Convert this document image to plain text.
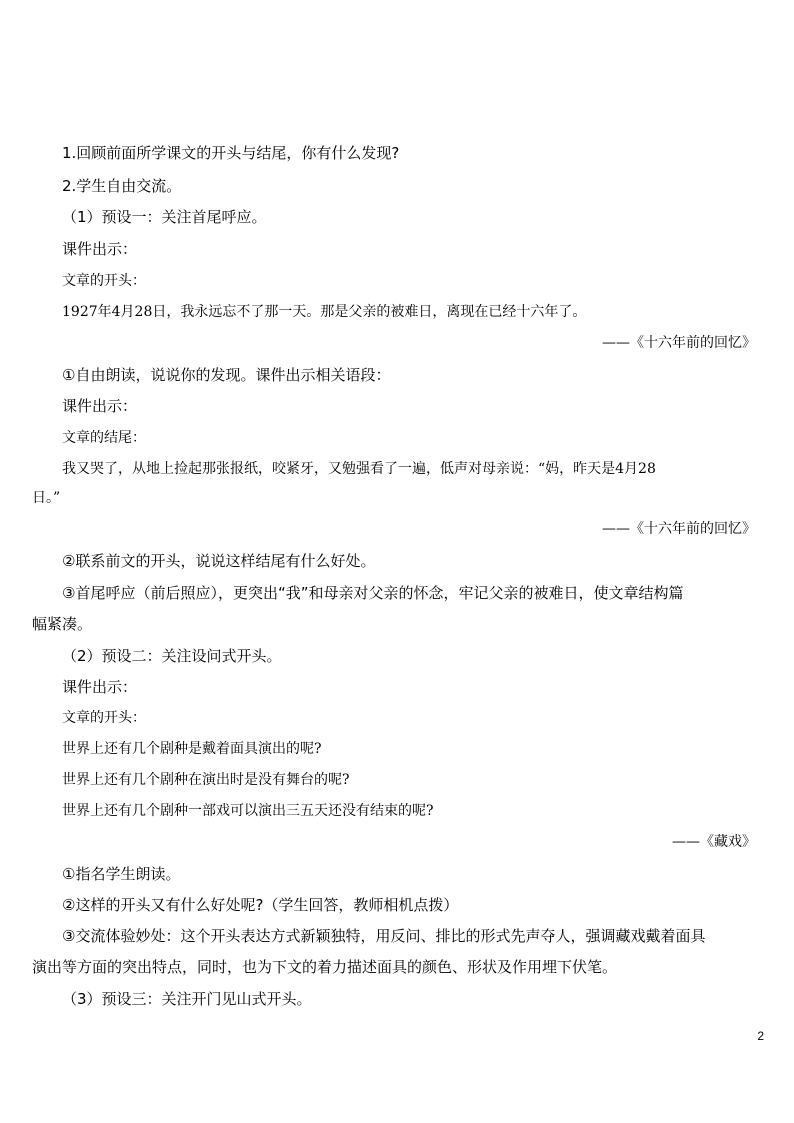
1.回顾前面所学课文的开头与结尾，你有什么发现?
2.学生自由交流。
（1）预设一：关注首尾呼应。
课件出示：
文章的开头：
1927年4月28日，我永远忘不了那一天。那是父亲的被难日，离现在已经十六年了。
——《十六年前的回忆》
①自由朗读，说说你的发现。课件出示相关语段：
课件出示：
文章的结尾：
我又哭了，从地上捡起那张报纸，咬紧牙，又勉强看了一遍，低声对母亲说：“妈，昨天是4月28
日。”
——《十六年前的回忆》
②联系前文的开头，说说这样结尾有什么好处。
③首尾呼应（前后照应），更突出“我”和母亲对父亲的怀念，牢记父亲的被难日，使文章结构篇
幅紧凑。
（2）预设二：关注设问式开头。
课件出示：
文章的开头：
世界上还有几个剧种是戴着面具演出的呢?
世界上还有几个剧种在演出时是没有舞台的呢?
世界上还有几个剧种一部戏可以演出三五天还没有结束的呢?
——《藏戏》
①指名学生朗读。
②这样的开头又有什么好处呢?（学生回答，教师相机点拨）
③交流体验妙处：这个开头表达方式新颖独特，用反问、排比的形式先声夺人，强调藏戏戴着面具
演出等方面的突出特点，同时，也为下文的着力描述面具的颜色、形状及作用埋下伏笔。
（3）预设三：关注开门见山式开头。
2
